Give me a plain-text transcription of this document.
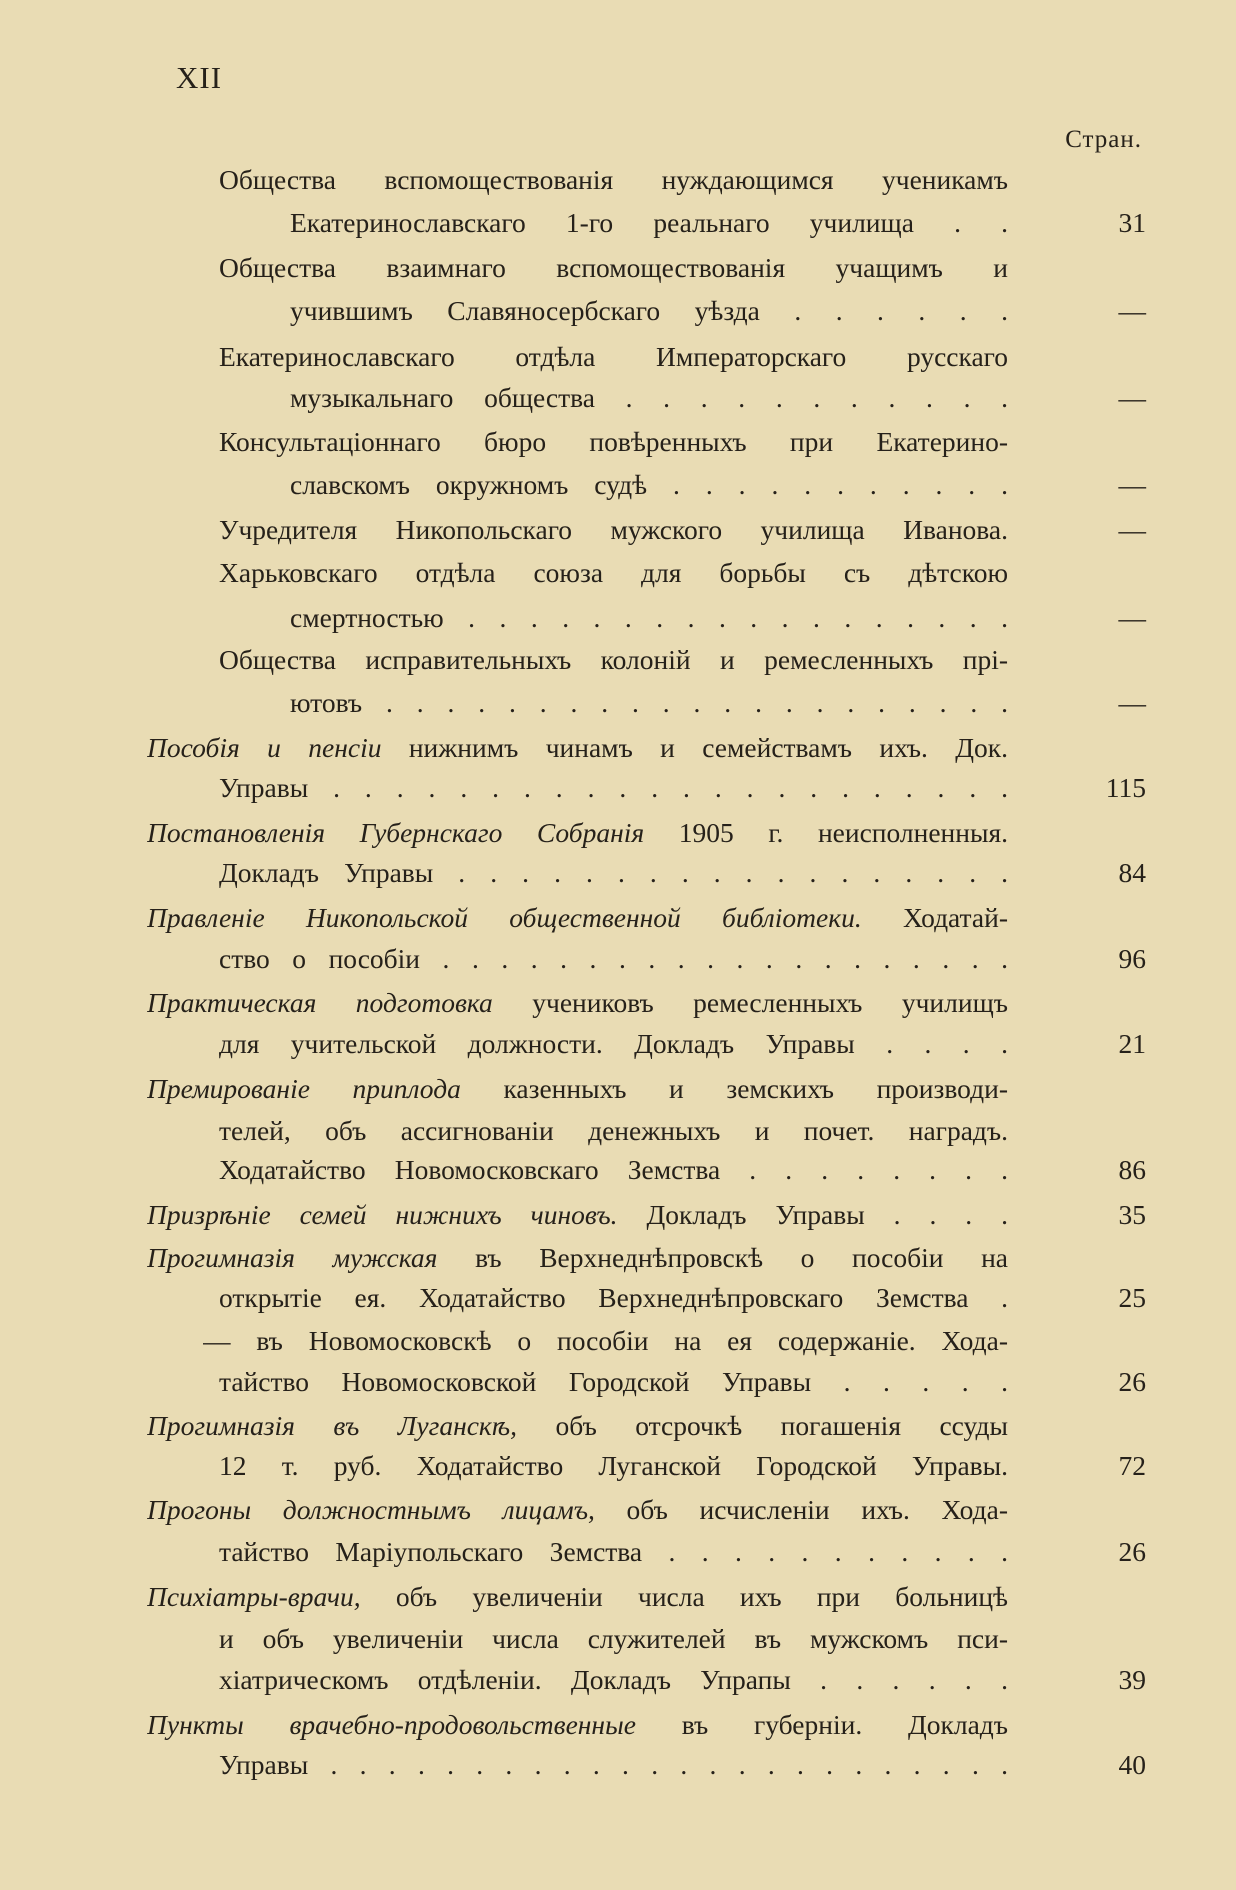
XII
Стран.
Общества вспомоществованія нуждающимся ученикамъ
Екатеринославскаго 1-го реальнаго училища . .	31
Общества взаимнаго вспомоществованія учащимъ и
учившимъ Славяносербскаго уѣзда . . . . . .	—
Екатеринославскаго отдѣла Императорскаго русскаго
музыкальнаго общества . . . . . . . . . . .	—
Консультаціоннаго бюро повѣренныхъ при Екатерино-
славскомъ окружномъ судѣ . . . . . . . . . . .	—
Учредителя Никопольскаго мужского училища Иванова.	—
Харьковскаго отдѣла союза для борьбы съ дѣтскою
смертностью . . . . . . . . . . . . . . . . . .	—
Общества исправительныхъ колоній и ремесленныхъ прі-
ютовъ . . . . . . . . . . . . . . . . . . . . .	—
Пособія и пенсіи нижнимъ чинамъ и семействамъ ихъ. Док.
Управы . . . . . . . . . . . . . . . . . . . . . .	115
Постановленія Губернскаго Собранія 1905 г. неисполненныя.
Докладъ Управы . . . . . . . . . . . . . . . . . .	84
Правленіе Никопольской общественной библіотеки. Ходатай-
ство о пособіи . . . . . . . . . . . . . . . . . . . .	96
Практическая подготовка учениковъ ремесленныхъ училищъ
для учительской должности. Докладъ Управы . . . .	21
Премированіе приплода казенныхъ и земскихъ производи-
телей, объ ассигнованіи денежныхъ и почет. наградъ.
Ходатайство Новомосковскаго Земства . . . . . . . .	86
Призрѣніе семей нижнихъ чиновъ. Докладъ Управы . . . .	35
Прогимназія мужская въ Верхнеднѣпровскѣ о пособіи на
открытіе ея. Ходатайство Верхнеднѣпровскаго Земства .	25
— въ Новомосковскѣ о пособіи на ея содержаніе. Хода-
тайство Новомосковской Городской Управы . . . . .	26
Прогимназія въ Луганскѣ, объ отсрочкѣ погашенія ссуды
12 т. руб. Ходатайство Луганской Городской Управы.	72
Прогоны должностнымъ лицамъ, объ исчисленіи ихъ. Хода-
тайство Маріупольскаго Земства . . . . . . . . . . .	26
Психіатры-врачи, объ увеличеніи числа ихъ при больницѣ
и объ увеличеніи числа служителей въ мужскомъ пси-
хіатрическомъ отдѣленіи. Докладъ Упрапы . . . . . .	39
Пункты врачебно-продовольственные въ губерніи. Докладъ
Управы . . . . . . . . . . . . . . . . . . . . . . . .	40
